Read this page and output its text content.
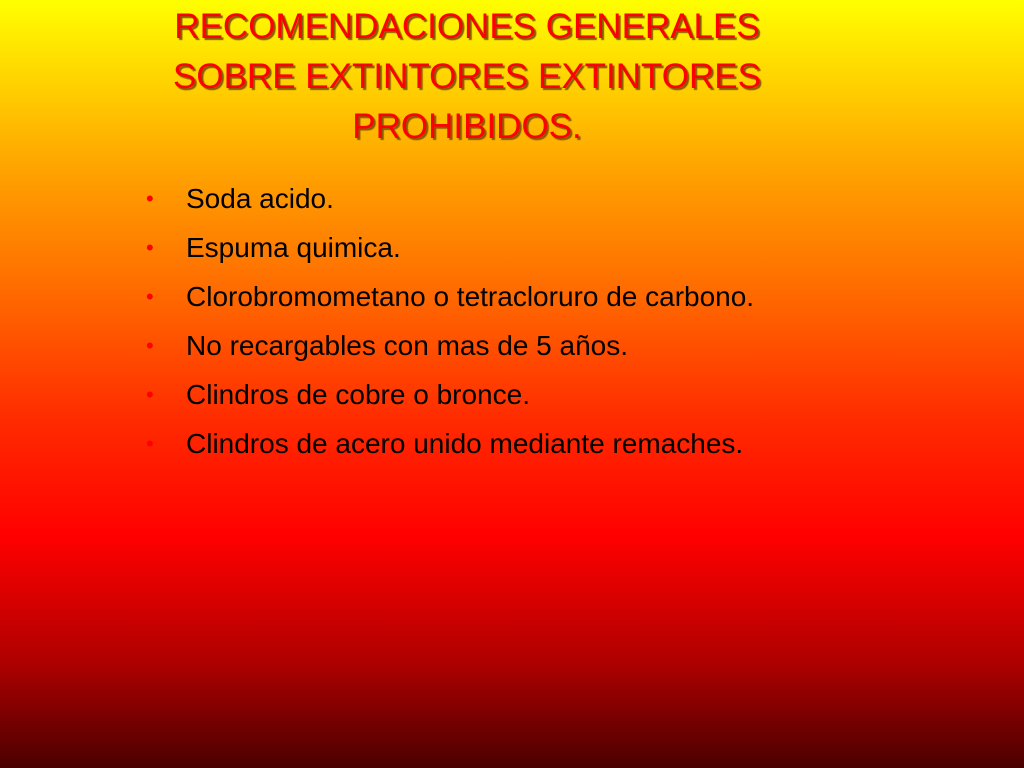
RECOMENDACIONES GENERALES
SOBRE EXTINTORES EXTINTORES
PROHIBIDOS.
•	Soda acido.
•	Espuma quimica.
•	Clorobromometano o tetracloruro de carbono.
•	No recargables con mas de 5 años.
•	Clindros de cobre o bronce.
•	Clindros de acero unido mediante remaches.
